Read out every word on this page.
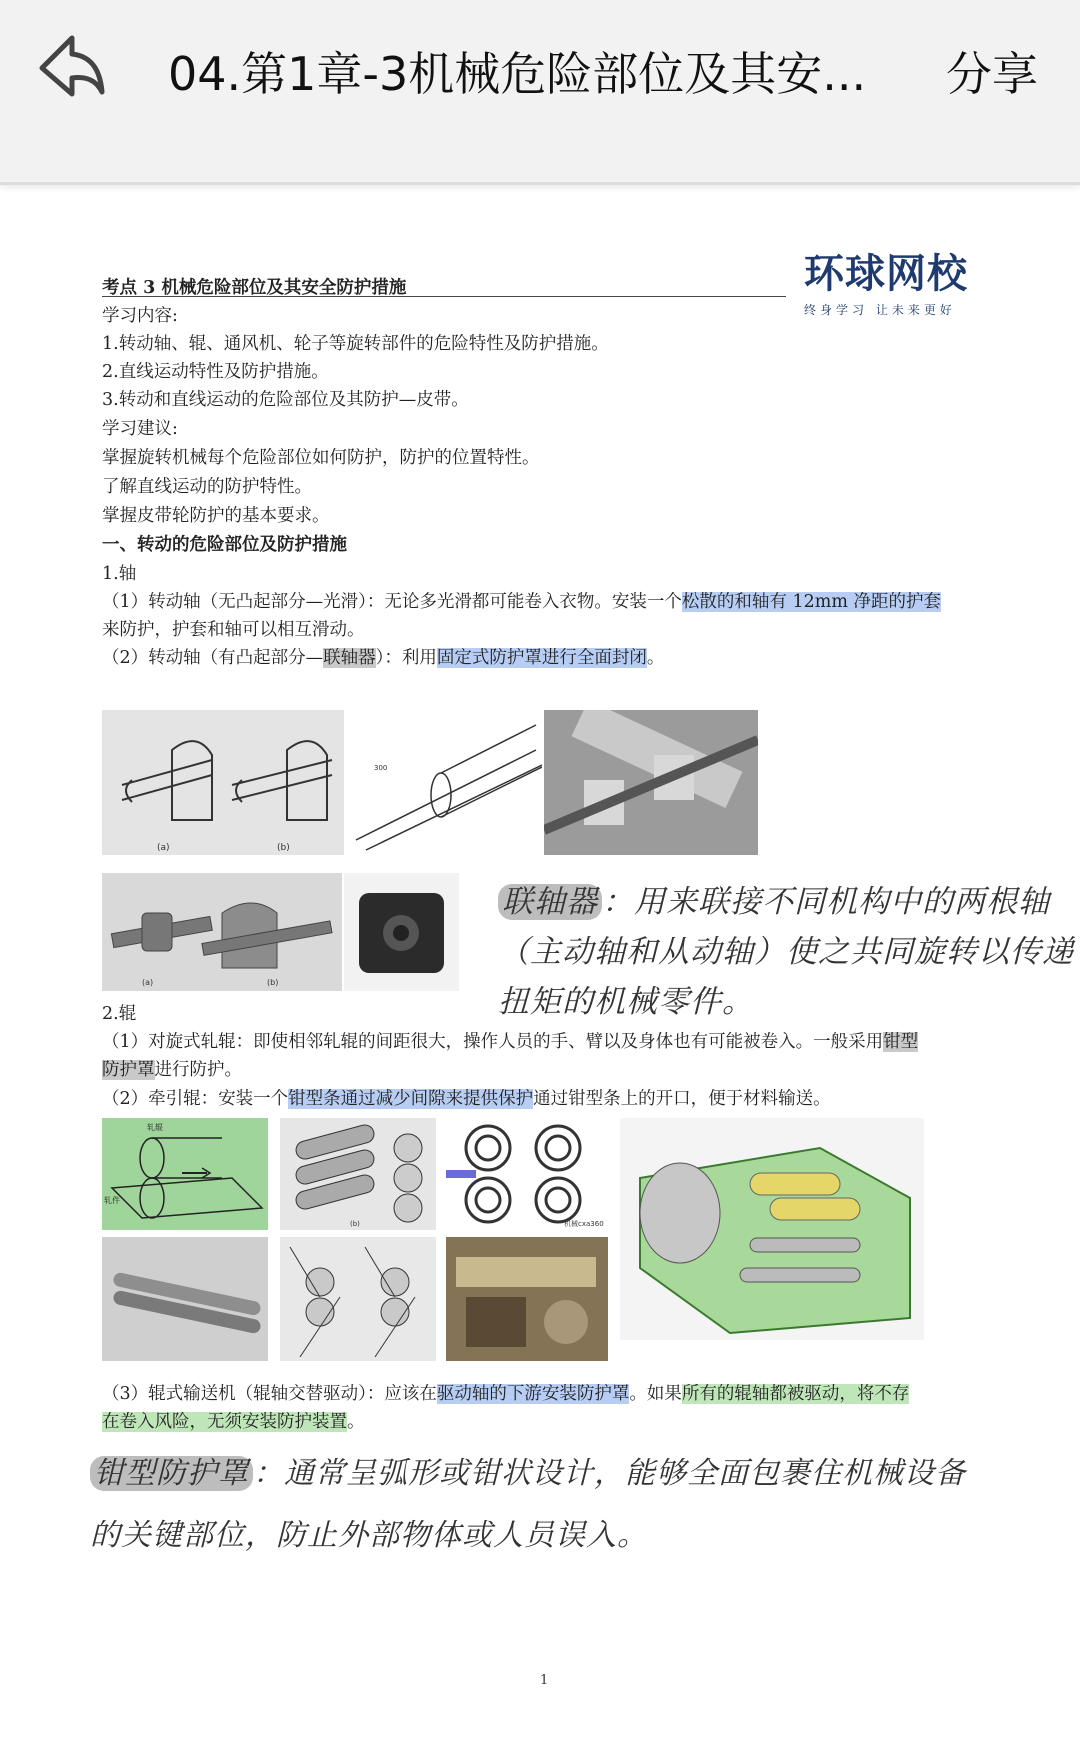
04.第1章-3机械危险部位及其安... 分享
环球网校
终身学习 让未来更好
考点 3 机械危险部位及其安全防护措施
学习内容:
1.转动轴、辊、通风机、轮子等旋转部件的危险特性及防护措施。
2.直线运动特性及防护措施。
3.转动和直线运动的危险部位及其防护—皮带。
学习建议:
掌握旋转机械每个危险部位如何防护，防护的位置特性。
了解直线运动的防护特性。
掌握皮带轮防护的基本要求。
一、转动的危险部位及防护措施
1.轴
（1）转动轴（无凸起部分—光滑）：无论多光滑都可能卷入衣物。安装一个松散的和轴有 12mm 净距的护套
来防护，护套和轴可以相互滑动。
（2）转动轴（有凸起部分—联轴器）：利用固定式防护罩进行全面封闭。
(a)	(b)
300
(a)	(b)
联轴器 ：用来联接不同机构中的两根轴
（主动轴和从动轴）使之共同旋转以传递
扭矩的机械零件。
2.辊
（1）对旋式轧辊：即使相邻轧辊的间距很大，操作人员的手、臂以及身体也有可能被卷入。一般采用钳型
防护罩进行防护。
（2）牵引辊：安装一个钳型条通过减少间隙来提供保护通过钳型条上的开口，便于材料输送。
轧辊
轧件
(b)	机械cxa360
（3）辊式输送机（辊轴交替驱动）：应该在驱动轴的下游安装防护罩。如果所有的辊轴都被驱动，将不存
在卷入风险，无须安装防护装置。
钳型防护罩 ：通常呈弧形或钳状设计，能够全面包裹住机械设备
的关键部位，防止外部物体或人员误入。
1
